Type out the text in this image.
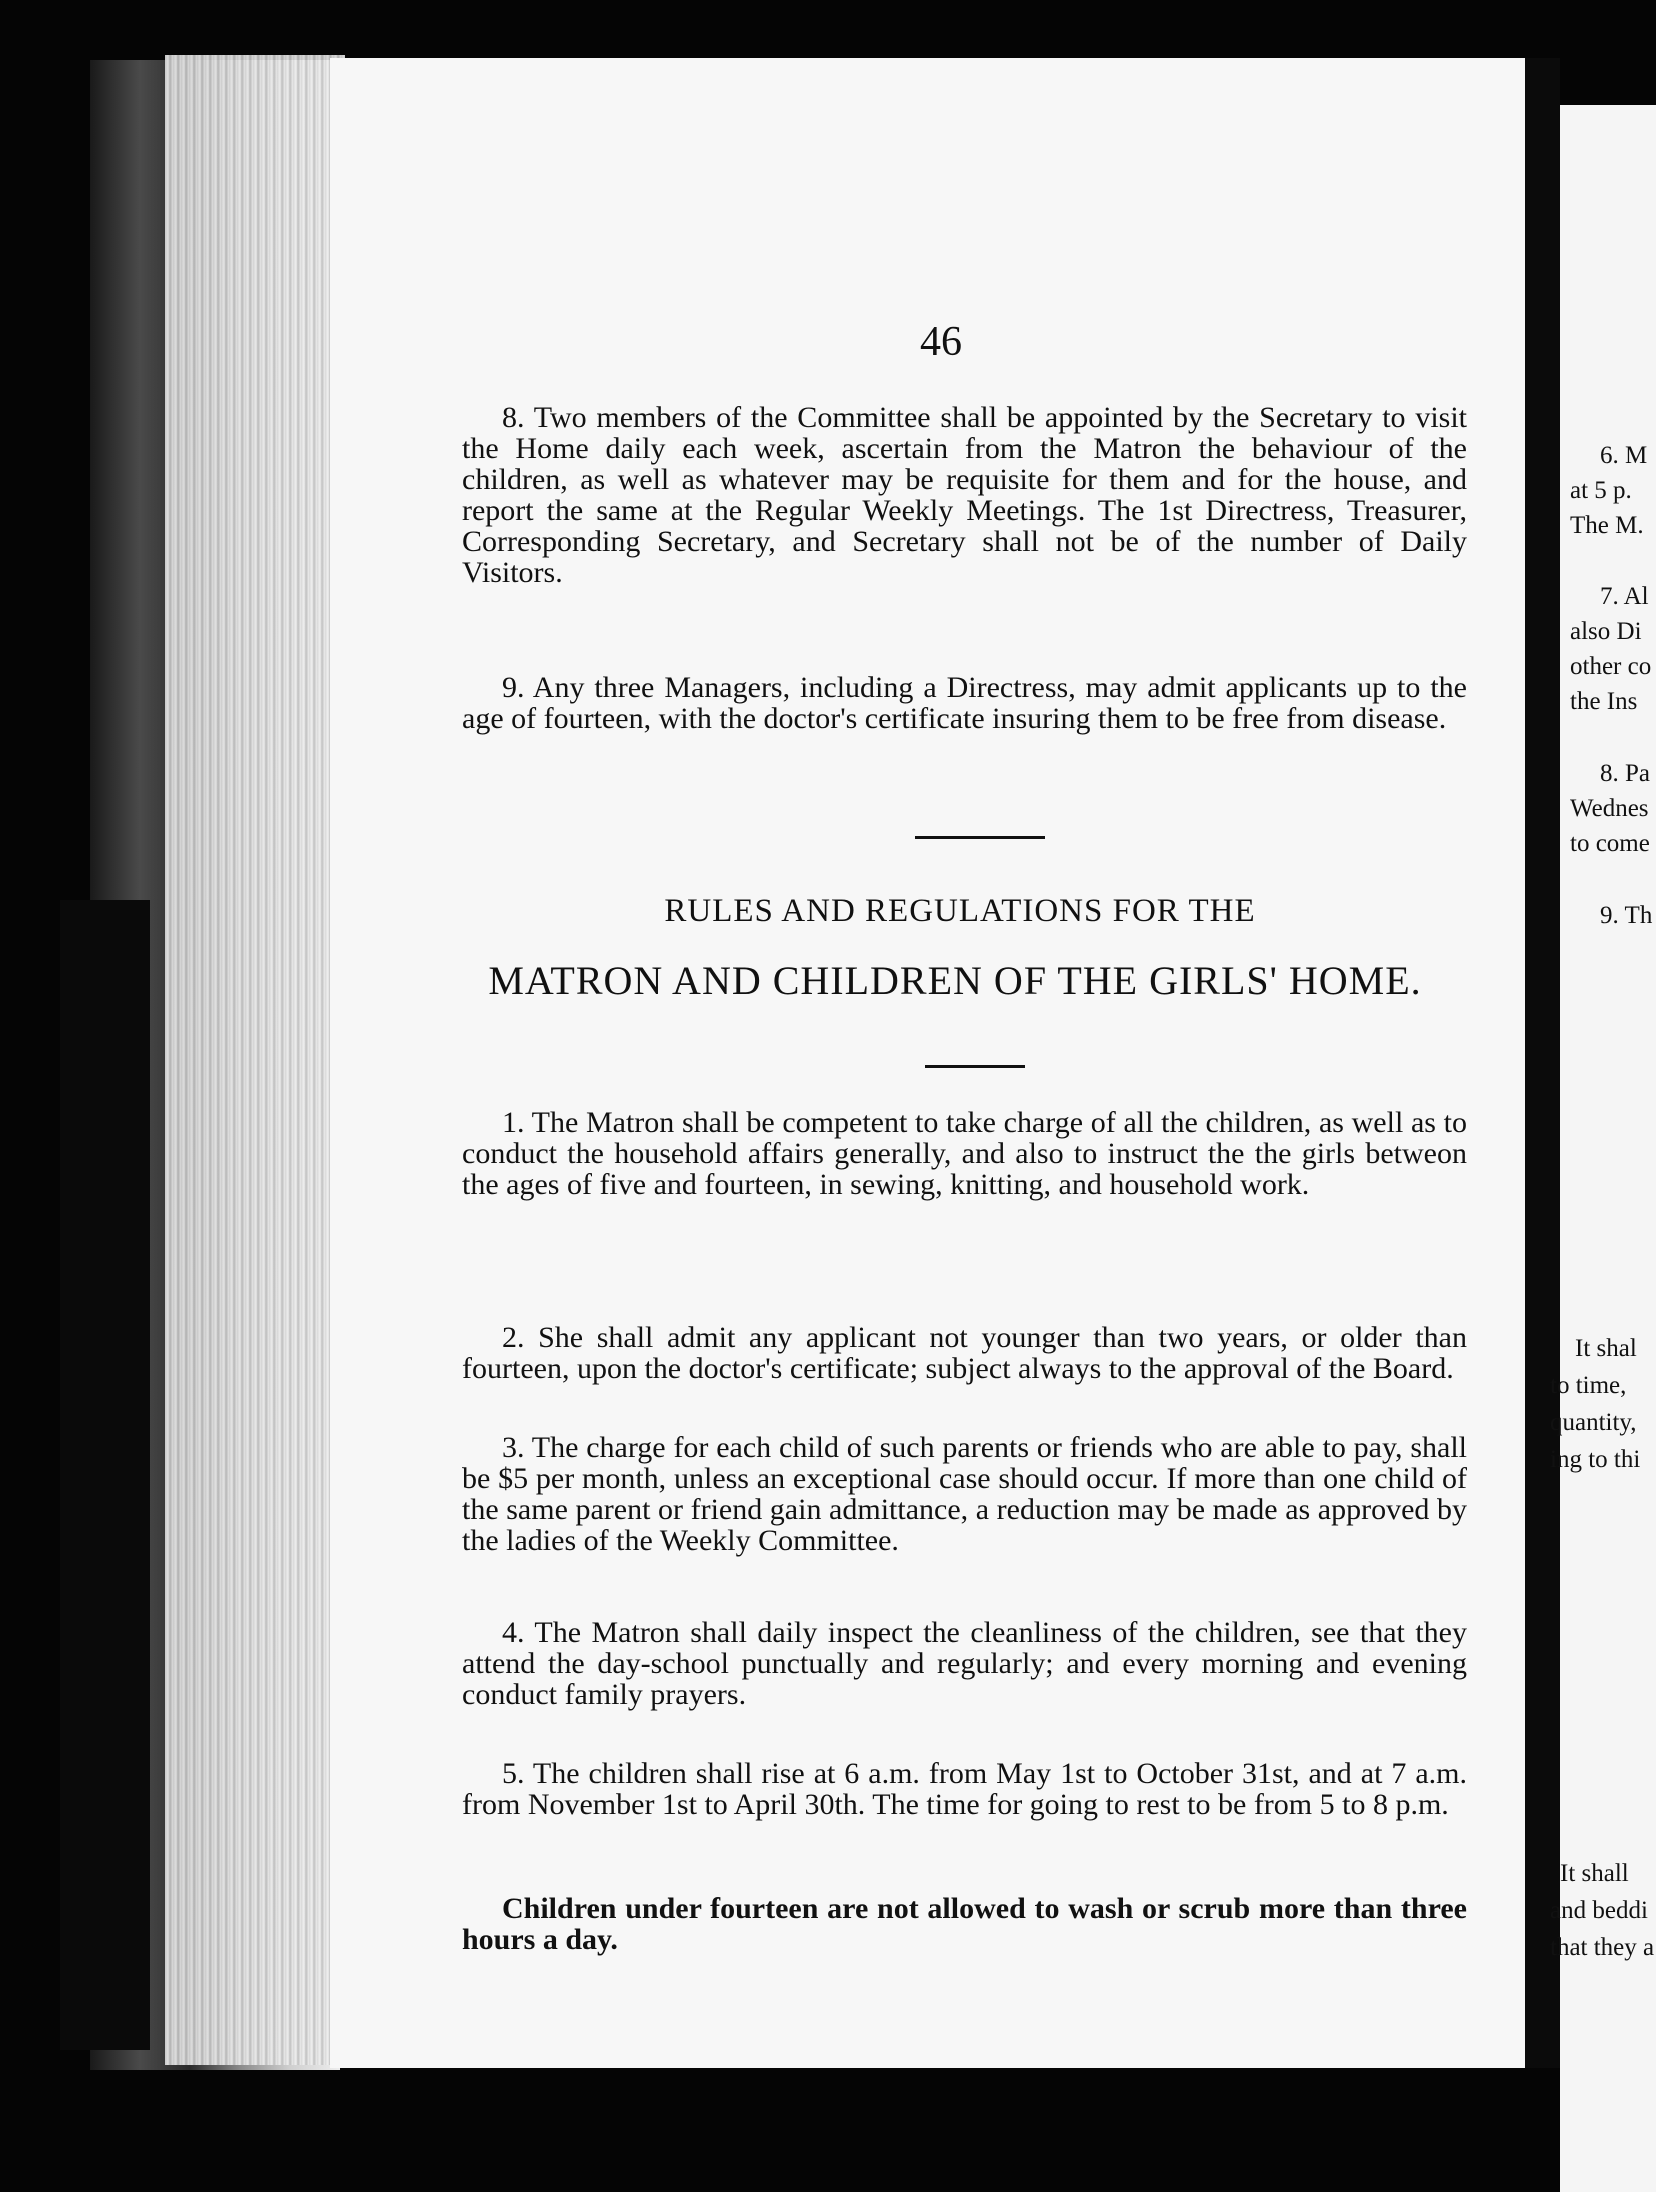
6. M
at 5 p.
The M.
7. Al
also Di
other co
the Ins
8. Pa
Wednes
to come
9. Th
It shal
to time,
quantity,
ing to thi
It shall
and beddi
that they a
46

8. Two members of the Committee shall be appointed by the Secretary to visit the Home daily each week, ascertain from the Matron the behaviour of the children, as well as whatever may be requisite for them and for the house, and report the same at the Regular Weekly Meetings. The 1st Directress, Treasurer, Corresponding Secretary, and Secretary shall not be of the number of Daily Visitors.

9. Any three Managers, including a Directress, may admit applicants up to the age of fourteen, with the doctor's certificate insuring them to be free from disease.

RULES AND REGULATIONS FOR THE
MATRON AND CHILDREN OF THE GIRLS' HOME.

1. The Matron shall be competent to take charge of all the children, as well as to conduct the household affairs generally, and also to instruct the the girls betweon the ages of five and fourteen, in sewing, knitting, and household work.

2. She shall admit any applicant not younger than two years, or older than fourteen, upon the doctor's certificate; subject always to the approval of the Board.

3. The charge for each child of such parents or friends who are able to pay, shall be $5 per month, unless an exceptional case should occur. If more than one child of the same parent or friend gain admittance, a reduction may be made as approved by the ladies of the Weekly Committee.

4. The Matron shall daily inspect the cleanliness of the children, see that they attend the day-school punctually and regularly; and every morning and evening conduct family prayers.

5. The children shall rise at 6 a.m. from May 1st to October 31st, and at 7 a.m. from November 1st to April 30th. The time for going to rest to be from 5 to 8 p.m.

Children under fourteen are not allowed to wash or scrub more than three hours a day.
